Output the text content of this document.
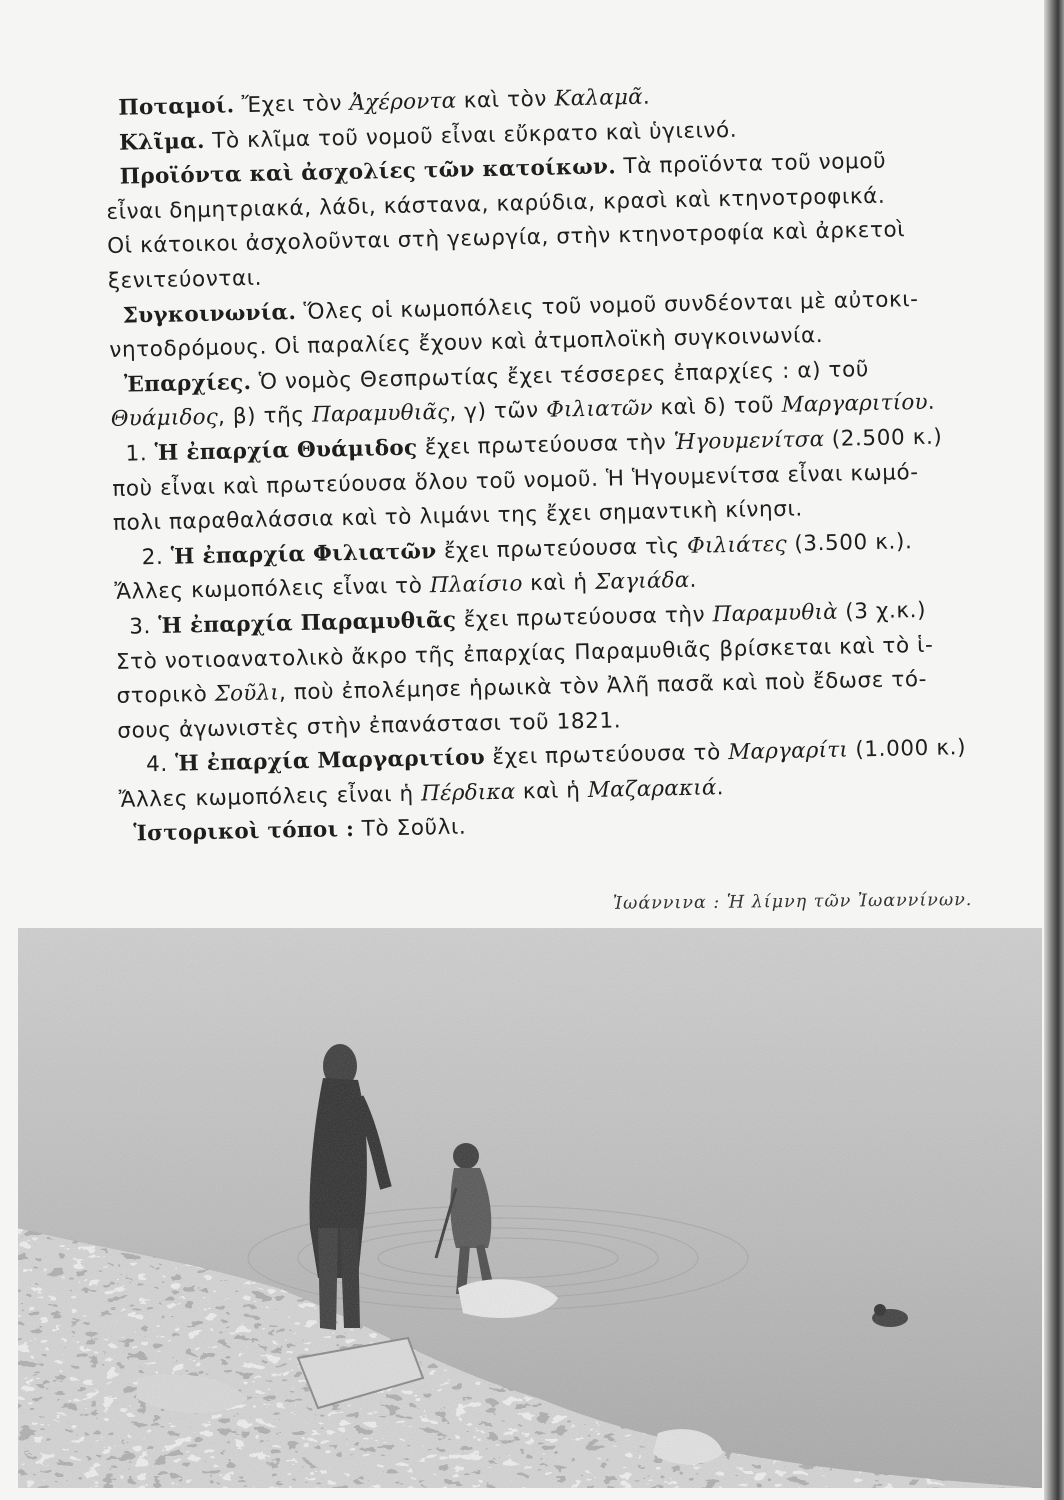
Ποταμοί. Ἔχει τὸν Ἀχέροντα καὶ τὸν Καλαμᾶ.
Κλῖμα. Τὸ κλῖμα τοῦ νομοῦ εἶναι εὔκρατο καὶ ὑγιεινό.
Προϊόντα καὶ ἀσχολίες τῶν κατοίκων. Τὰ προϊόντα τοῦ νομοῦ
εἶναι δημητριακά, λάδι, κάστανα, καρύδια, κρασὶ καὶ κτηνοτροφικά.
Οἱ κάτοικοι ἀσχολοῦνται στὴ γεωργία, στὴν κτηνοτροφία καὶ ἀρκετοὶ
ξενιτεύονται.
Συγκοινωνία. Ὅλες οἱ κωμοπόλεις τοῦ νομοῦ συνδέονται μὲ αὐτοκι-
νητοδρόμους. Οἱ παραλίες ἔχουν καὶ ἀτμοπλοϊκὴ συγκοινωνία.
Ἐπαρχίες. Ὁ νομὸς Θεσπρωτίας ἔχει τέσσερες ἐπαρχίες : α) τοῦ
Θυάμιδος, β) τῆς Παραμυθιᾶς, γ) τῶν Φιλιατῶν καὶ δ) τοῦ Μαργαριτίου.
1. Ἡ ἐπαρχία Θυάμιδος ἔχει πρωτεύουσα τὴν Ἡγουμενίτσα (2.500 κ.)
ποὺ εἶναι καὶ πρωτεύουσα ὅλου τοῦ νομοῦ. Ἡ Ἡγουμενίτσα εἶναι κωμό-
πολι παραθαλάσσια καὶ τὸ λιμάνι της ἔχει σημαντικὴ κίνησι.
2. Ἡ ἐπαρχία Φιλιατῶν ἔχει πρωτεύουσα τὶς Φιλιάτες (3.500 κ.).
Ἄλλες κωμοπόλεις εἶναι τὸ Πλαίσιο καὶ ἡ Σαγιάδα.
3. Ἡ ἐπαρχία Παραμυθιᾶς ἔχει πρωτεύουσα τὴν Παραμυθιὰ (3 χ.κ.)
Στὸ νοτιοανατολικὸ ἄκρο τῆς ἐπαρχίας Παραμυθιᾶς βρίσκεται καὶ τὸ ἱ-
στορικὸ Σοῦλι, ποὺ ἐπολέμησε ἡρωικὰ τὸν Ἀλῆ πασᾶ καὶ ποὺ ἔδωσε τό-
σους ἀγωνιστὲς στὴν ἐπανάστασι τοῦ 1821.
4. Ἡ ἐπαρχία Μαργαριτίου ἔχει πρωτεύουσα τὸ Μαργαρίτι (1.000 κ.)
Ἄλλες κωμοπόλεις εἶναι ἡ Πέρδικα καὶ ἡ Μαζαρακιά.
Ἱστορικοὶ τόποι : Τὸ Σοῦλι.
Ἰωάννινα : Ἡ λίμνη τῶν Ἰωαννίνων.
